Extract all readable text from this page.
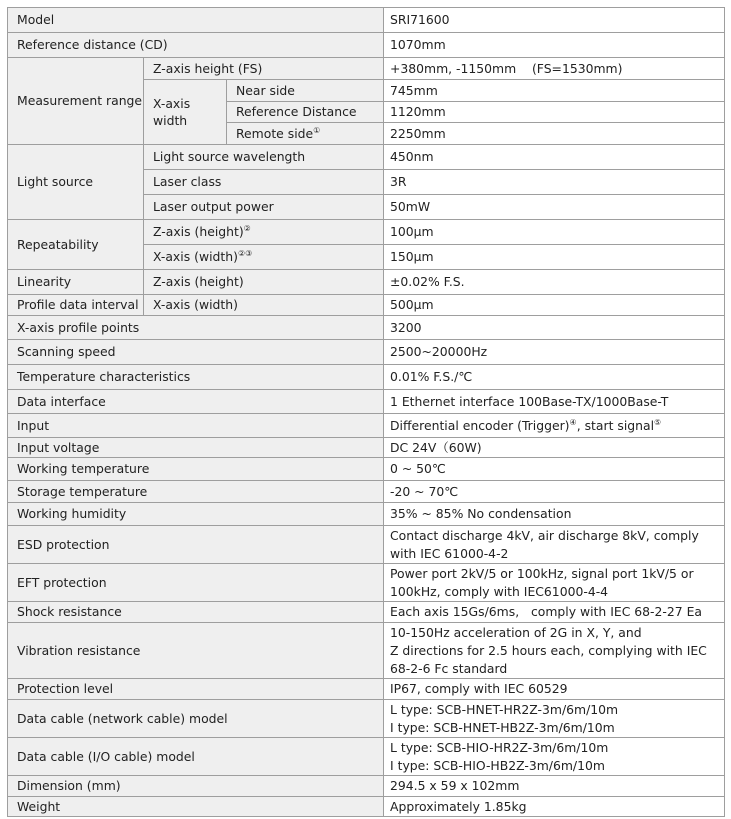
Model			SRI71600
Reference distance (CD)			1070mm
Measurement range	Z-axis height (FS)		+380mm, -1150mm    (FS=1530mm)
	X-axis width	Near side	745mm
		Reference Distance	1120mm
		Remote side①	2250mm
Light source	Light source wavelength		450nm
	Laser class		3R
	Laser output power		50mW
Repeatability	Z-axis (height)②		100μm
	X-axis (width)②③		150μm
Linearity	Z-axis (height)		±0.02% F.S.
Profile data interval	X-axis (width)		500μm
X-axis profile points			3200
Scanning speed			2500~20000Hz
Temperature characteristics			0.01% F.S./℃
Data interface			1 Ethernet interface 100Base-TX/1000Base-T
Input			Differential encoder (Trigger)④, start signal⑤
Input voltage			DC 24V（60W)
Working temperature			0 ~ 50℃
Storage temperature			-20 ~ 70℃
Working humidity			35% ~ 85% No condensation
ESD protection			Contact discharge 4kV, air discharge 8kV, comply with IEC 61000-4-2
EFT protection			Power port 2kV/5 or 100kHz, signal port 1kV/5 or 100kHz, comply with IEC61000-4-4
Shock resistance			Each axis 15Gs/6ms,   comply with IEC 68-2-27 Ea
Vibration resistance			10-150Hz acceleration of 2G in X, Y, and
Z directions for 2.5 hours each, complying with IEC
68-2-6 Fc standard

Protection level			IP67, comply with IEC 60529
Data cable (network cable) model			L type: SCB-HNET-HR2Z-3m/6m/10m
I type: SCB-HNET-HB2Z-3m/6m/10m

Data cable (I/O cable) model			L type: SCB-HIO-HR2Z-3m/6m/10m
I type: SCB-HIO-HB2Z-3m/6m/10m

Dimension (mm)			294.5 x 59 x 102mm
Weight			Approximately 1.85kg
